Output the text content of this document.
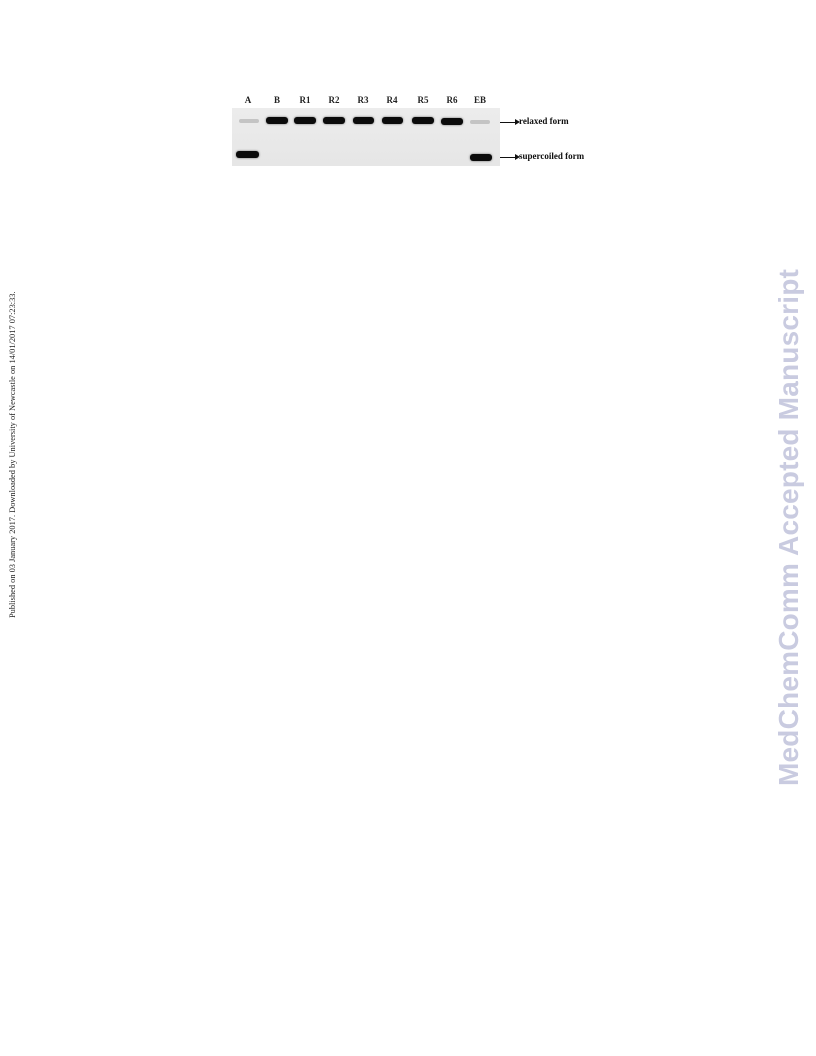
Published on 03 January 2017. Downloaded by University of Newcastle on 14/01/2017 07:23:33.	MedChemComm Accepted Manuscript
A	B	R1	R2	R3	R4	R5	R6	EB
relaxed form
supercoiled form
